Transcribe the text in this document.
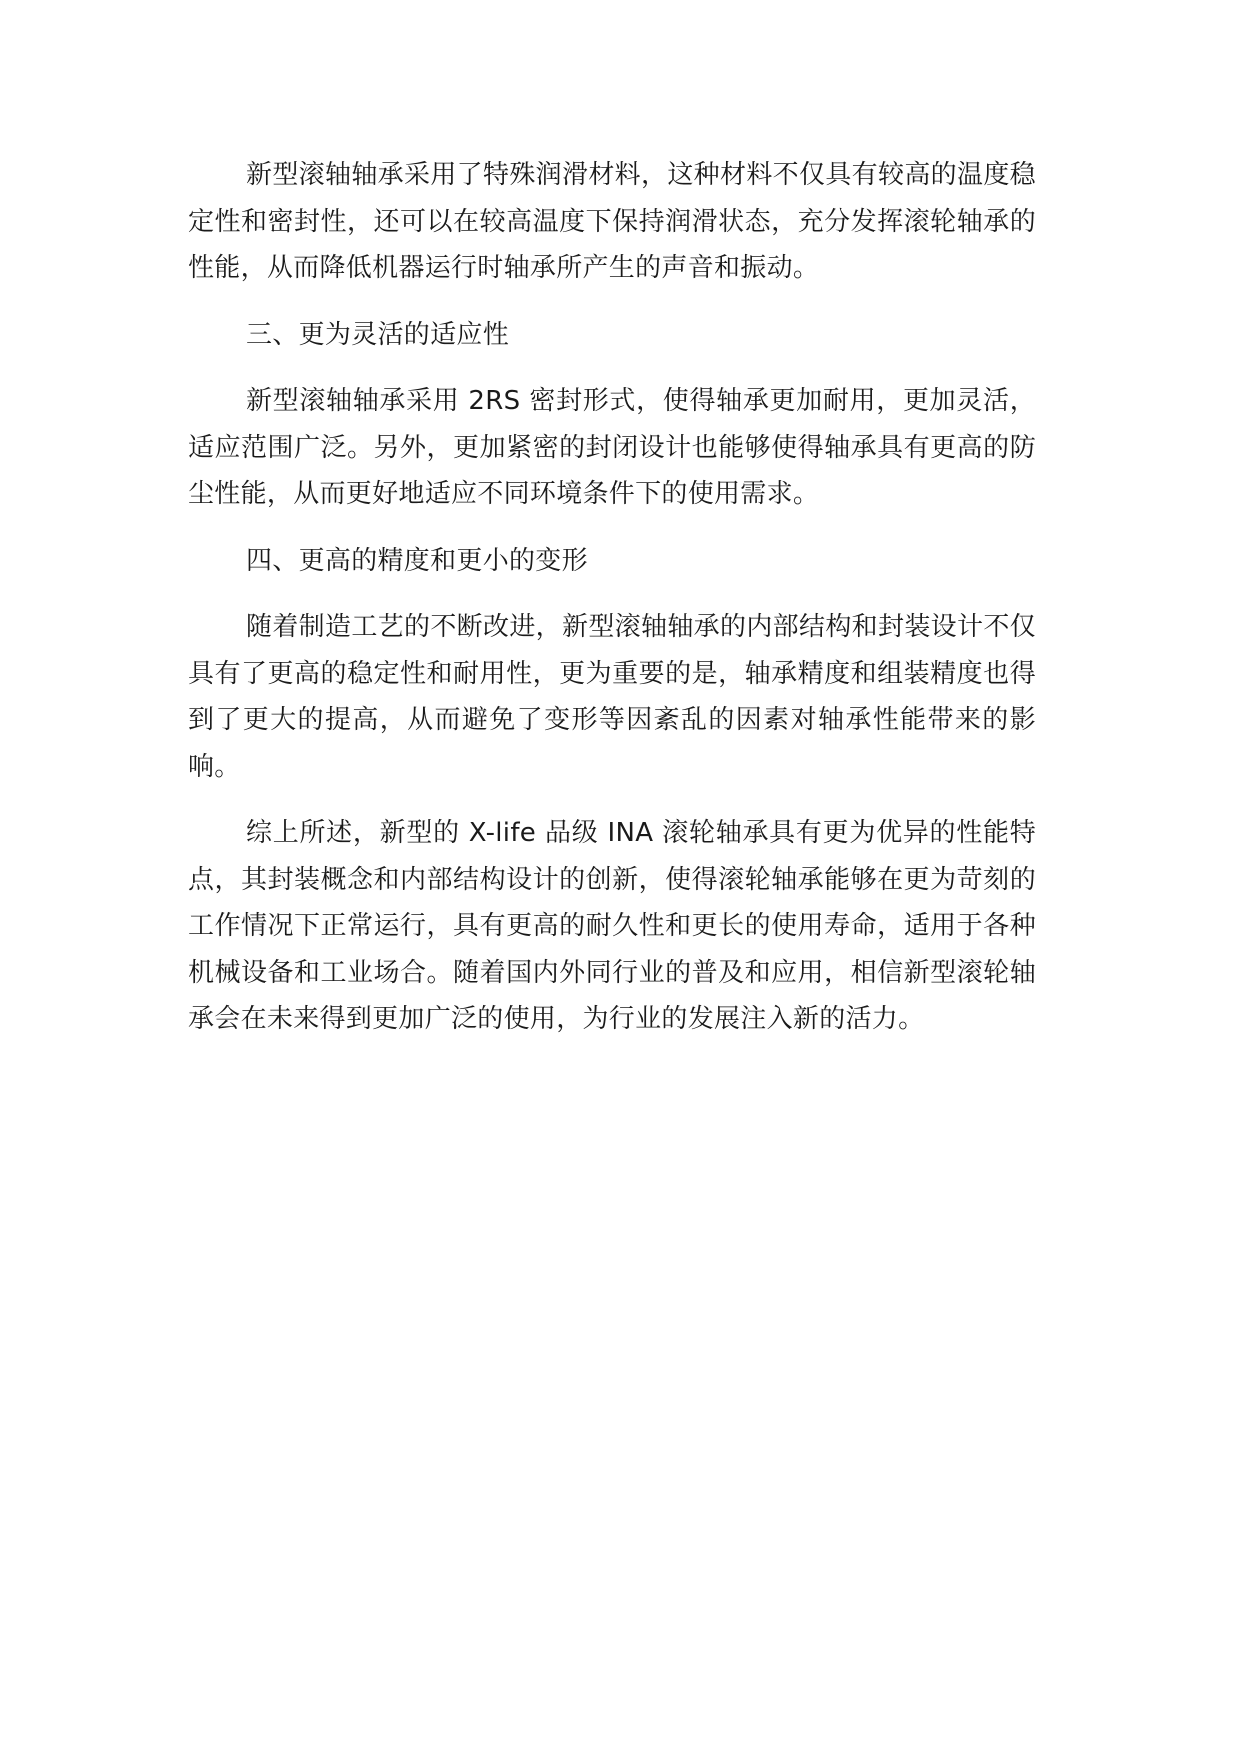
新型滚轴轴承采用了特殊润滑材料，这种材料不仅具有较高的温度稳定性和密封性，还可以在较高温度下保持润滑状态，充分发挥滚轮轴承的性能，从而降低机器运行时轴承所产生的声音和振动。

三、更为灵活的适应性

新型滚轴轴承采用 2RS 密封形式，使得轴承更加耐用，更加灵活，适应范围广泛。另外，更加紧密的封闭设计也能够使得轴承具有更高的防尘性能，从而更好地适应不同环境条件下的使用需求。

四、更高的精度和更小的变形

随着制造工艺的不断改进，新型滚轴轴承的内部结构和封装设计不仅具有了更高的稳定性和耐用性，更为重要的是，轴承精度和组装精度也得到了更大的提高，从而避免了变形等因紊乱的因素对轴承性能带来的影响。

综上所述，新型的 X-life 品级 INA 滚轮轴承具有更为优异的性能特点，其封装概念和内部结构设计的创新，使得滚轮轴承能够在更为苛刻的工作情况下正常运行，具有更高的耐久性和更长的使用寿命，适用于各种机械设备和工业场合。随着国内外同行业的普及和应用，相信新型滚轮轴承会在未来得到更加广泛的使用，为行业的发展注入新的活力。
